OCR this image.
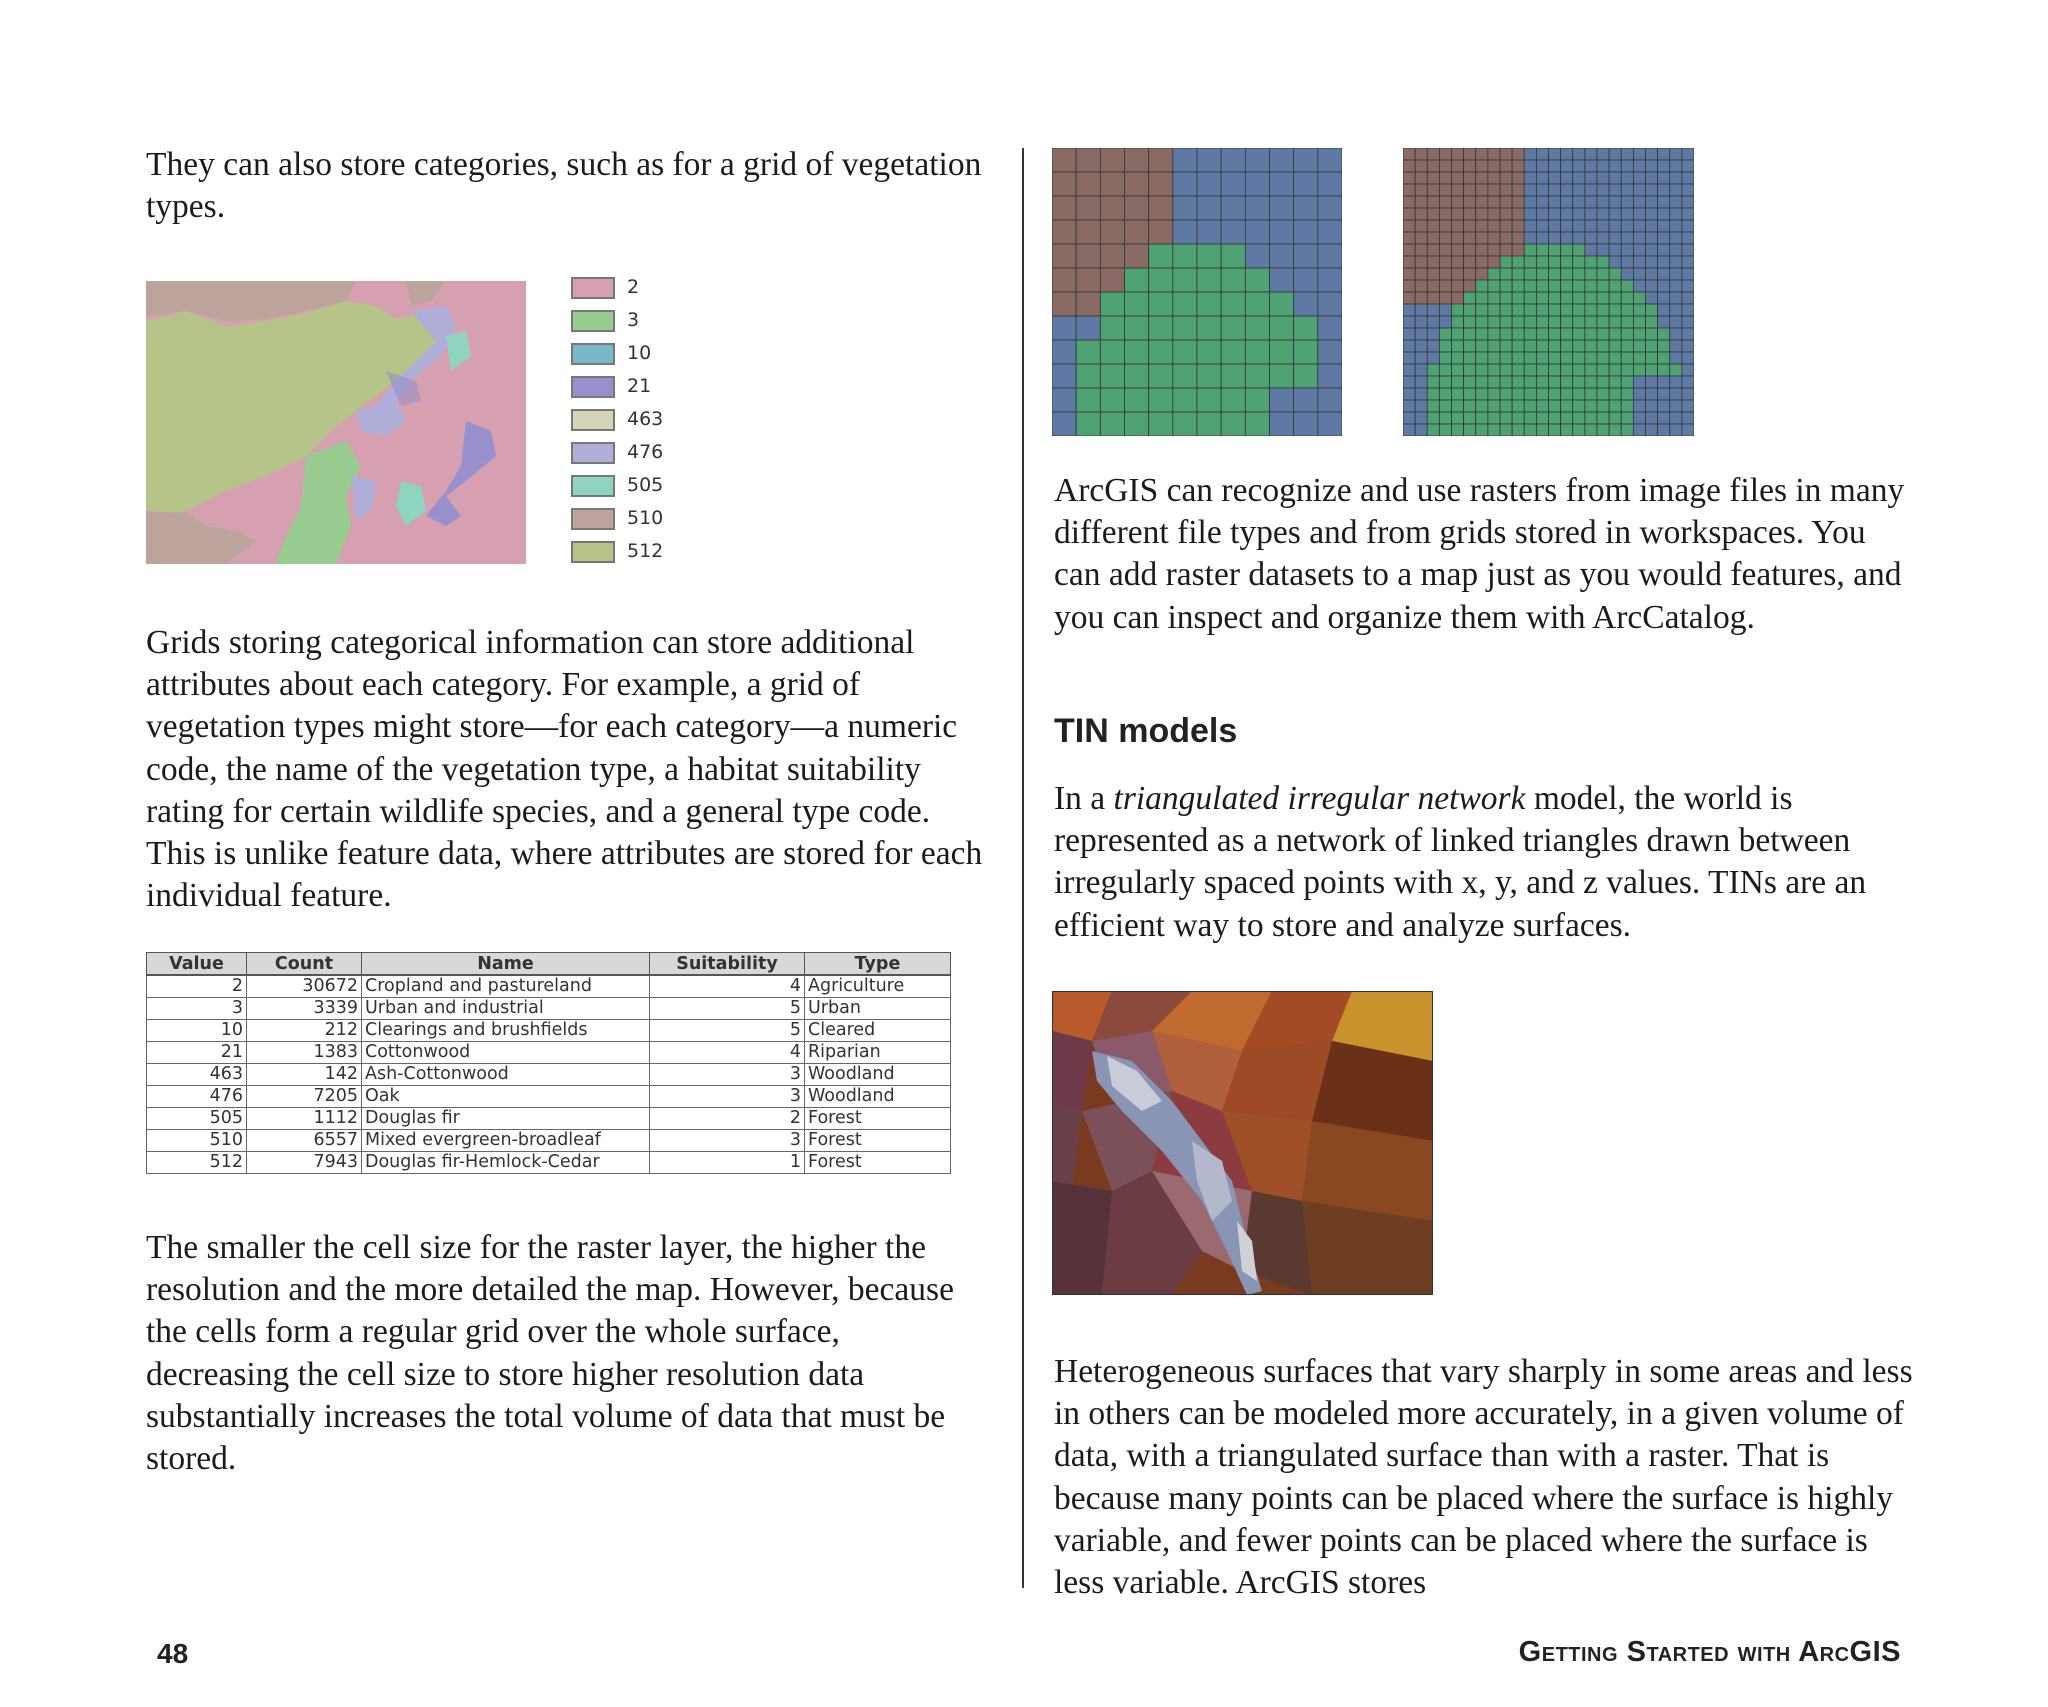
They can also store categories, such as for a grid of vegetation types.

2
3
10
21
463
476
505
510
512

Grids storing categorical information can store additional attributes about each category. For example, a grid of vegetation types might store—for each category—a numeric code, the name of the vegetation type, a habitat suitability rating for certain wildlife species, and a general type code. This is unlike feature data, where attributes are stored for each individual feature.

Value	Count	Name	Suitability	Type
2	30672	Cropland and pastureland	4	Agriculture
3	3339	Urban and industrial	5	Urban
10	212	Clearings and brushfields	5	Cleared
21	1383	Cottonwood	4	Riparian
463	142	Ash-Cottonwood	3	Woodland
476	7205	Oak	3	Woodland
505	1112	Douglas fir	2	Forest
510	6557	Mixed evergreen-broadleaf	3	Forest
512	7943	Douglas fir-Hemlock-Cedar	1	Forest

The smaller the cell size for the raster layer, the higher the resolution and the more detailed the map. However, because the cells form a regular grid over the whole surface, decreasing the cell size to store higher resolution data substantially increases the total volume of data that must be stored.

ArcGIS can recognize and use rasters from image files in many different file types and from grids stored in workspaces. You can add raster datasets to a map just as you would features, and you can inspect and organize them with ArcCatalog.

TIN models

In a triangulated irregular network model, the world is represented as a network of linked triangles drawn between irregularly spaced points with x, y, and z values. TINs are an efficient way to store and analyze surfaces.

Heterogeneous surfaces that vary sharply in some areas and less in others can be modeled more accurately, in a given volume of data, with a triangulated surface than with a raster. That is because many points can be placed where the surface is highly variable, and fewer points can be placed where the surface is less variable. ArcGIS stores

48	Getting Started with ArcGIS
